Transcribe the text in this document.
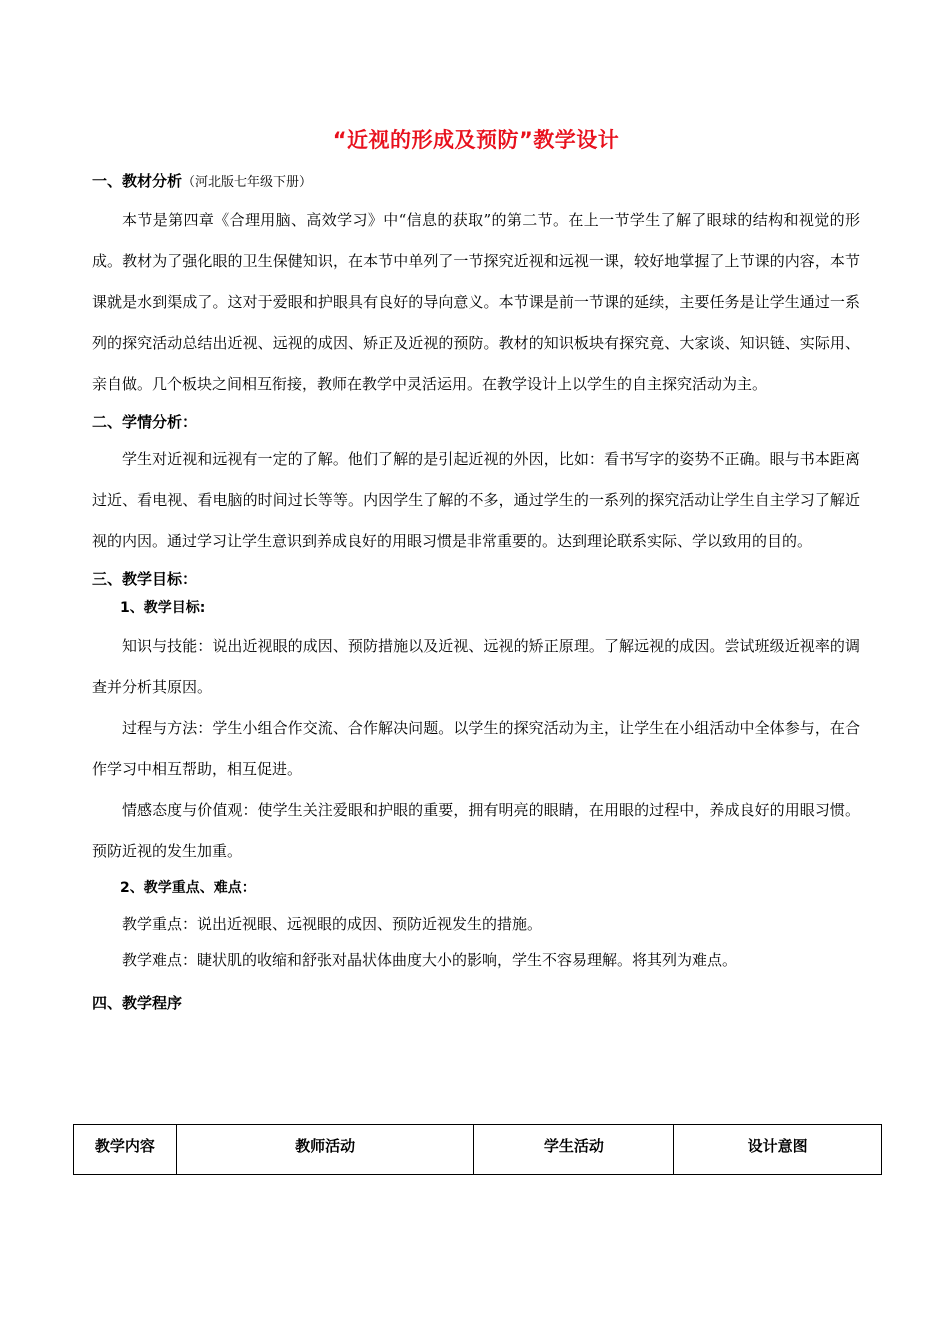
“近视的形成及预防”教学设计
一、教材分析（河北版七年级下册）

本节是第四章《合理用脑、高效学习》中“信息的获取”的第二节。在上一节学生了解了眼球的结构和视觉的形成。教材为了强化眼的卫生保健知识，在本节中单列了一节探究近视和远视一课，较好地掌握了上节课的内容，本节课就是水到渠成了。这对于爱眼和护眼具有良好的导向意义。本节课是前一节课的延续，主要任务是让学生通过一系列的探究活动总结出近视、远视的成因、矫正及近视的预防。教材的知识板块有探究竟、大家谈、知识链、实际用、亲自做。几个板块之间相互衔接，教师在教学中灵活运用。在教学设计上以学生的自主探究活动为主。

二、学情分析：

学生对近视和远视有一定的了解。他们了解的是引起近视的外因，比如：看书写字的姿势不正确。眼与书本距离过近、看电视、看电脑的时间过长等等。内因学生了解的不多，通过学生的一系列的探究活动让学生自主学习了解近视的内因。通过学习让学生意识到养成良好的用眼习惯是非常重要的。达到理论联系实际、学以致用的目的。

三、教学目标：
1、教学目标:

知识与技能：说出近视眼的成因、预防措施以及近视、远视的矫正原理。了解远视的成因。尝试班级近视率的调查并分析其原因。

过程与方法：学生小组合作交流、合作解决问题。以学生的探究活动为主，让学生在小组活动中全体参与，在合作学习中相互帮助，相互促进。

情感态度与价值观：使学生关注爱眼和护眼的重要，拥有明亮的眼睛，在用眼的过程中，养成良好的用眼习惯。预防近视的发生加重。

2、教学重点、难点：

教学重点：说出近视眼、远视眼的成因、预防近视发生的措施。

教学难点：睫状肌的收缩和舒张对晶状体曲度大小的影响，学生不容易理解。将其列为难点。

四、教学程序
教学内容	教师活动	学生活动	设计意图
